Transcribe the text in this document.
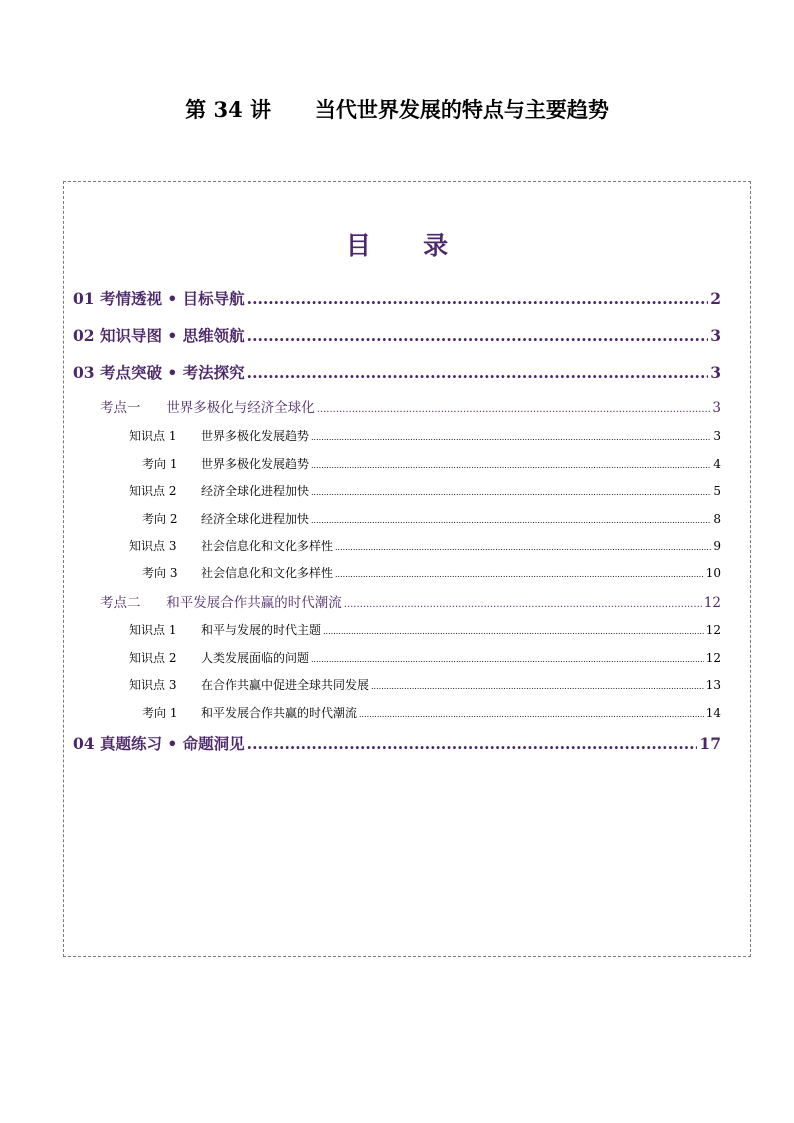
第 34 讲      当代世界发展的特点与主要趋势
目      录
01 考情透视 • 目标导航 .....	2
02 知识导图 • 思维领航 .....	3
03 考点突破 • 考法探究 .....	3
考点一      世界多极化与经济全球化 .....	3
知识点 1	世界多极化发展趋势 .....	3
考向 1	世界多极化发展趋势 .....	4
知识点 2	经济全球化进程加快 .....	5
考向 2	经济全球化进程加快 .....	8
知识点 3	社会信息化和文化多样性 .....	9
考向 3	社会信息化和文化多样性 .....	10
考点二      和平发展合作共赢的时代潮流 .....	12
知识点 1	和平与发展的时代主题 .....	12
知识点 2	人类发展面临的问题 .....	12
知识点 3	在合作共赢中促进全球共同发展 .....	13
考向 1	和平发展合作共赢的时代潮流 .....	14
04 真题练习 • 命题洞见 .....	17
